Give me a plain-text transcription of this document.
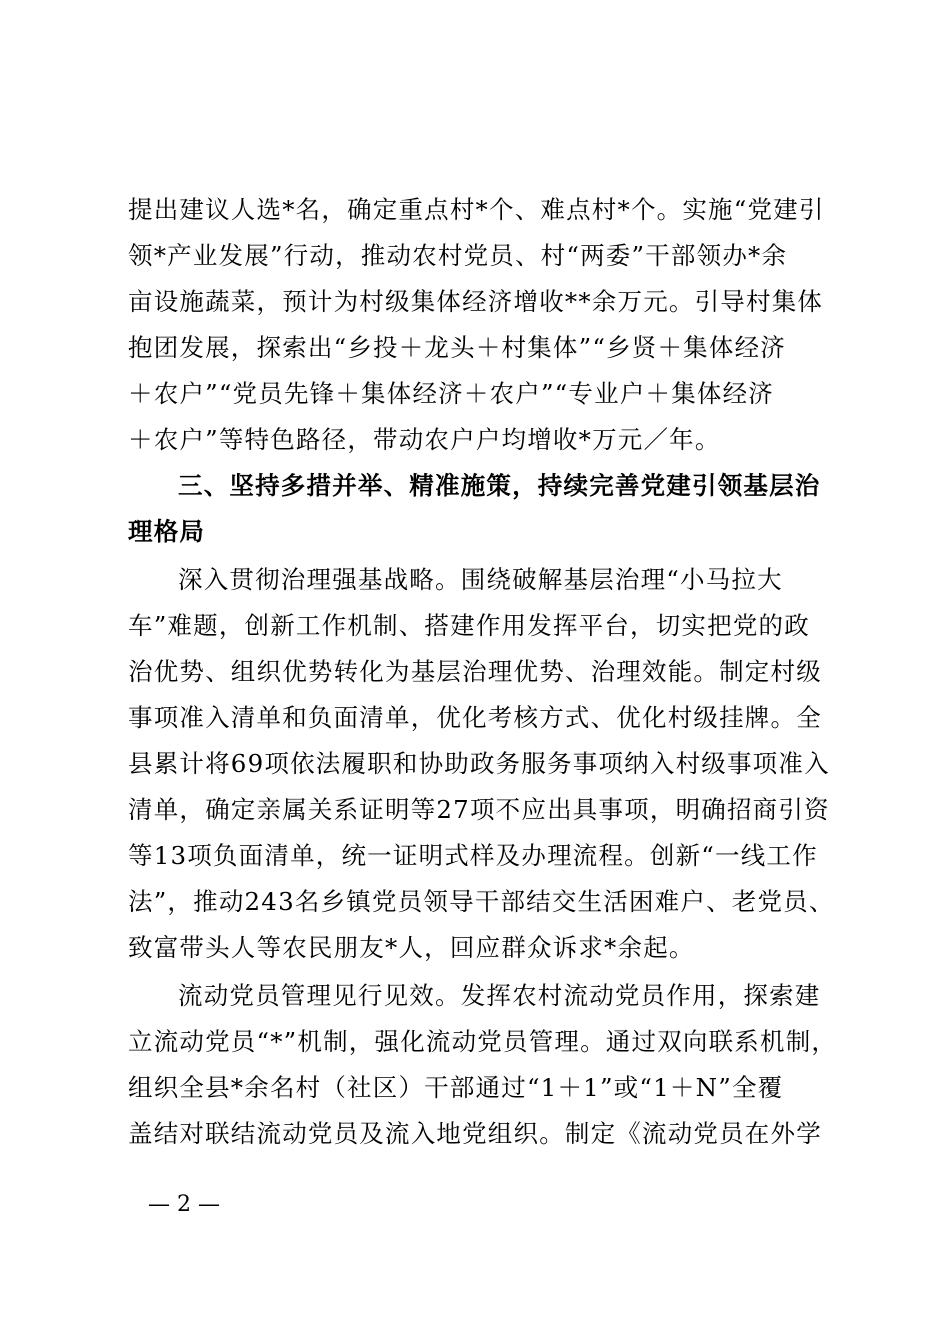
提出建议人选*名，确定重点村*个、难点村*个。实施“党建引
领*产业发展”行动，推动农村党员、村“两委”干部领办*余
亩设施蔬菜，预计为村级集体经济增收**余万元。引导村集体
抱团发展，探索出“乡投＋龙头＋村集体”“乡贤＋集体经济
＋农户”“党员先锋＋集体经济＋农户”“专业户＋集体经济
＋农户”等特色路径，带动农户户均增收*万元／年。
三、坚持多措并举、精准施策，持续完善党建引领基层治
理格局
深入贯彻治理强基战略。围绕破解基层治理“小马拉大
车”难题，创新工作机制、搭建作用发挥平台，切实把党的政
治优势、组织优势转化为基层治理优势、治理效能。制定村级
事项准入清单和负面清单，优化考核方式、优化村级挂牌。全
县累计将69项依法履职和协助政务服务事项纳入村级事项准入
清单，确定亲属关系证明等27项不应出具事项，明确招商引资
等13项负面清单，统一证明式样及办理流程。创新“一线工作
法”，推动243名乡镇党员领导干部结交生活困难户、老党员、
致富带头人等农民朋友*人，回应群众诉求*余起。
流动党员管理见行见效。发挥农村流动党员作用，探索建
立流动党员“*”机制，强化流动党员管理。通过双向联系机制，
组织全县*余名村（社区）干部通过“1＋1”或“1＋N”全覆
盖结对联结流动党员及流入地党组织。制定《流动党员在外学
— 2 —
